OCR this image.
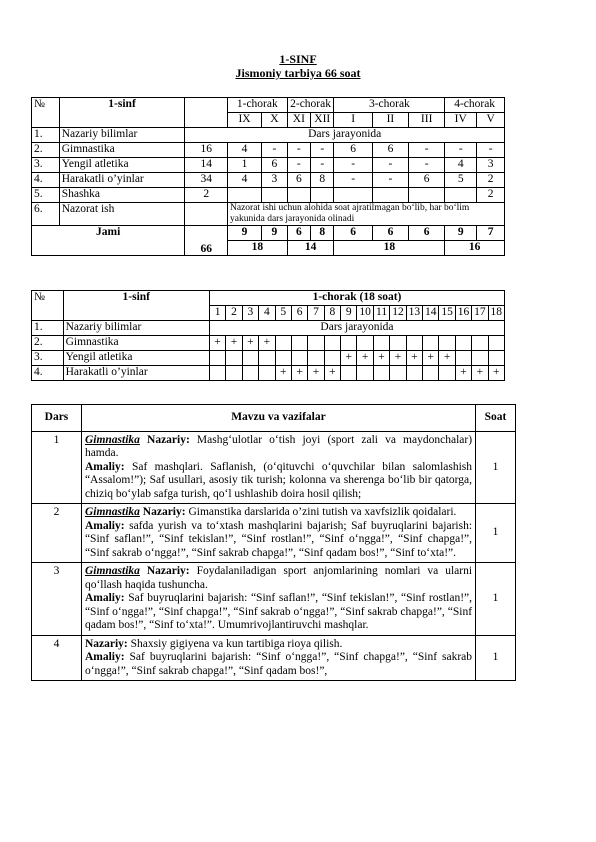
1-SINF
Jismoniy tarbiya 66 soat
№	1-sinf		1-chorak		2-chorak		3-chorak			4-chorak	
			IX	X	XI	XII	I	II	III	IV	V
1.	Nazariy bilimlar	Dars jarayonida									
2.	Gimnastika	16	4	-	-	-	6	6	-	-	-
3.	Yengil atletika	14	1	6	-	-	-	-	-	4	3
4.	Harakatli o’yinlar	34	4	3	6	8	-	-	6	5	2
5.	Shashka	2									2
6.	Nazorat ish		Nazorat ishi uchun alohida soat ajratilmagan bo‘lib, har bo‘lim yakunida dars jarayonida olinadi								
Jami		66	9	9	6	8	6	6	6	9	7
			18		14		18			16	
№	1-sinf	1-chorak (18 soat)																	
		1	2	3	4	5	6	7	8	9	10	11	12	13	14	15	16	17	18
1.	Nazariy bilimlar	Dars jarayonida																	
2.	Gimnastika	+	+	+	+														
3.	Yengil atletika									+	+	+	+	+	+	+			
4.	Harakatli o’yinlar					+	+	+	+								+	+	+
Dars	Mavzu va vazifalar	Soat
1	Gimnastika Nazariy: Mashg‘ulotlar o‘tish joyi (sport zali va maydonchalar) hamda.
Amaliy: Saf mashqlari. Saflanish, (o‘qituvchi o‘quvchilar bilan salomlashish “Assalom!”); Saf usullari, asosiy tik turish; kolonna va sherenga bo‘lib bir qatorga, chiziq bo‘ylab safga turish, qo‘l ushlashib doira hosil qilish;	1
2	Gimnastika Nazariy: Gimanstika darslarida o’zini tutish va xavfsizlik qoidalari.
Amaliy: safda yurish va to‘xtash mashqlarini bajarish; Saf buyruqlarini bajarish: “Sinf saflan!”, “Sinf tekislan!”, “Sinf rostlan!”, “Sinf o‘ngga!”, “Sinf chapga!”, “Sinf sakrab o‘ngga!”, “Sinf sakrab chapga!”, “Sinf qadam bos!”, “Sinf to‘xta!”.	1
3	Gimnastika Nazariy: Foydalaniladigan sport anjomlarining nomlari va ularni qo‘llash haqida tushuncha.
Amaliy: Saf buyruqlarini bajarish: “Sinf saflan!”, “Sinf tekislan!”, “Sinf rostlan!”, “Sinf o‘ngga!”, “Sinf chapga!”, “Sinf sakrab o‘ngga!”, “Sinf sakrab chapga!”, “Sinf qadam bos!”, “Sinf to‘xta!”. Umumrivojlantiruvchi mashqlar.	1
4	Nazariy: Shaxsiy gigiyena va kun tartibiga rioya qilish.
Amaliy: Saf buyruqlarini bajarish: “Sinf o‘ngga!”, “Sinf chapga!”, “Sinf sakrab o‘ngga!”, “Sinf sakrab chapga!”, “Sinf qadam bos!”,	1
